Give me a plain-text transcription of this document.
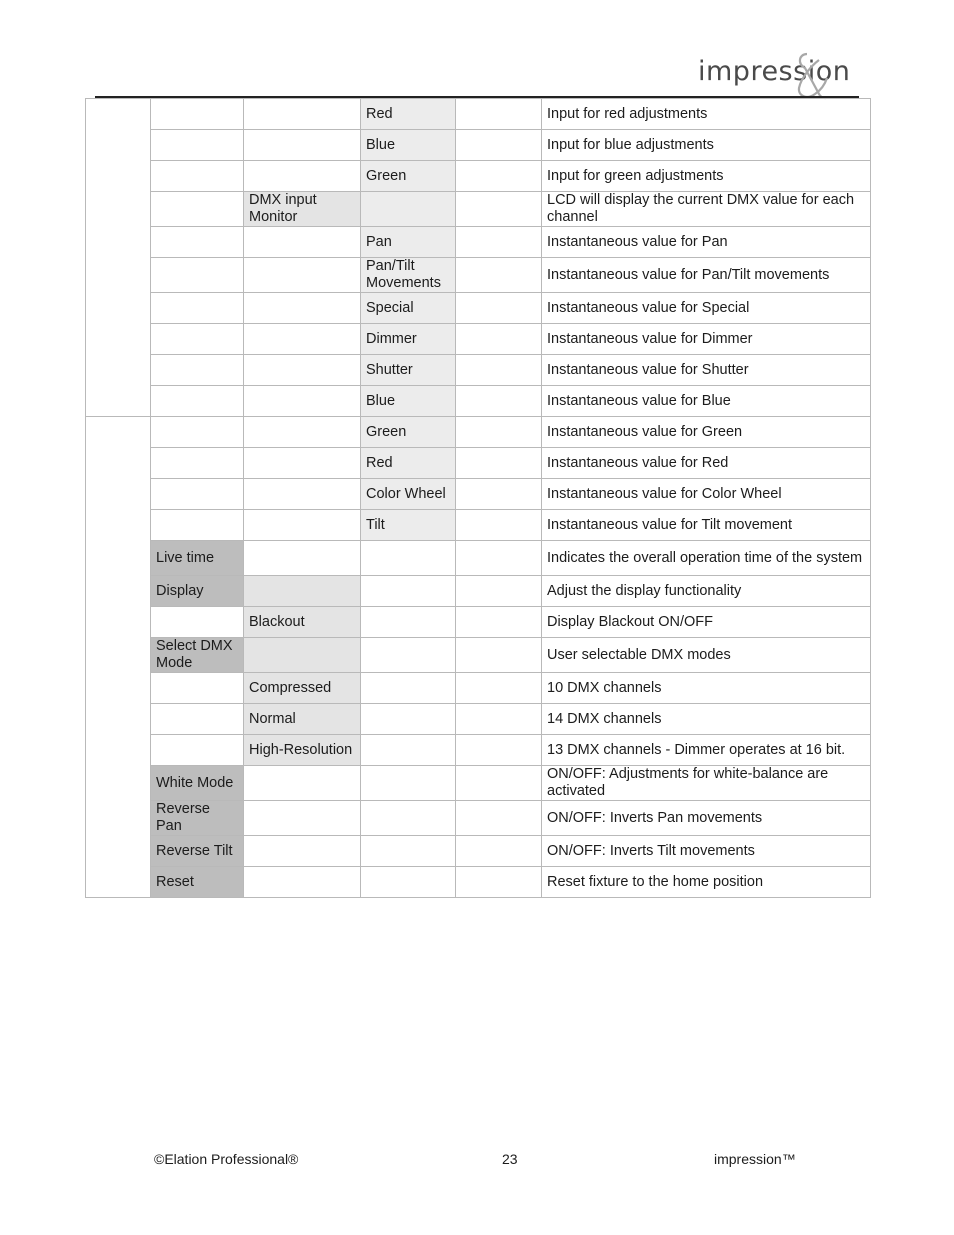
impression
			Red		Input for red adjustments
			Blue		Input for blue adjustments
			Green		Input for green adjustments
		DMX input Monitor			LCD will display the current DMX value for each channel
			Pan		Instantaneous value for Pan
			Pan/Tilt Movements		Instantaneous value for Pan/Tilt movements
			Special		Instantaneous value for Special
			Dimmer		Instantaneous value for Dimmer
			Shutter		Instantaneous value for Shutter
			Blue		Instantaneous value for Blue
			Green		Instantaneous value for Green
			Red		Instantaneous value for Red
			Color Wheel		Instantaneous value for Color Wheel
			Tilt		Instantaneous value for Tilt movement
	Live time				Indicates the overall operation time of the system
	Display				Adjust the display functionality
		Blackout			Display Blackout ON/OFF
	Select DMX Mode				User selectable DMX modes
		Compressed			10 DMX channels
		Normal			14 DMX channels
		High-Resolution			13 DMX channels - Dimmer operates at 16 bit.
	White Mode				ON/OFF: Adjustments for white-balance are activated
	Reverse Pan				ON/OFF: Inverts Pan movements
	Reverse Tilt				ON/OFF: Inverts Tilt movements
	Reset				Reset fixture to the home position
©Elation Professional®	23	impression™
